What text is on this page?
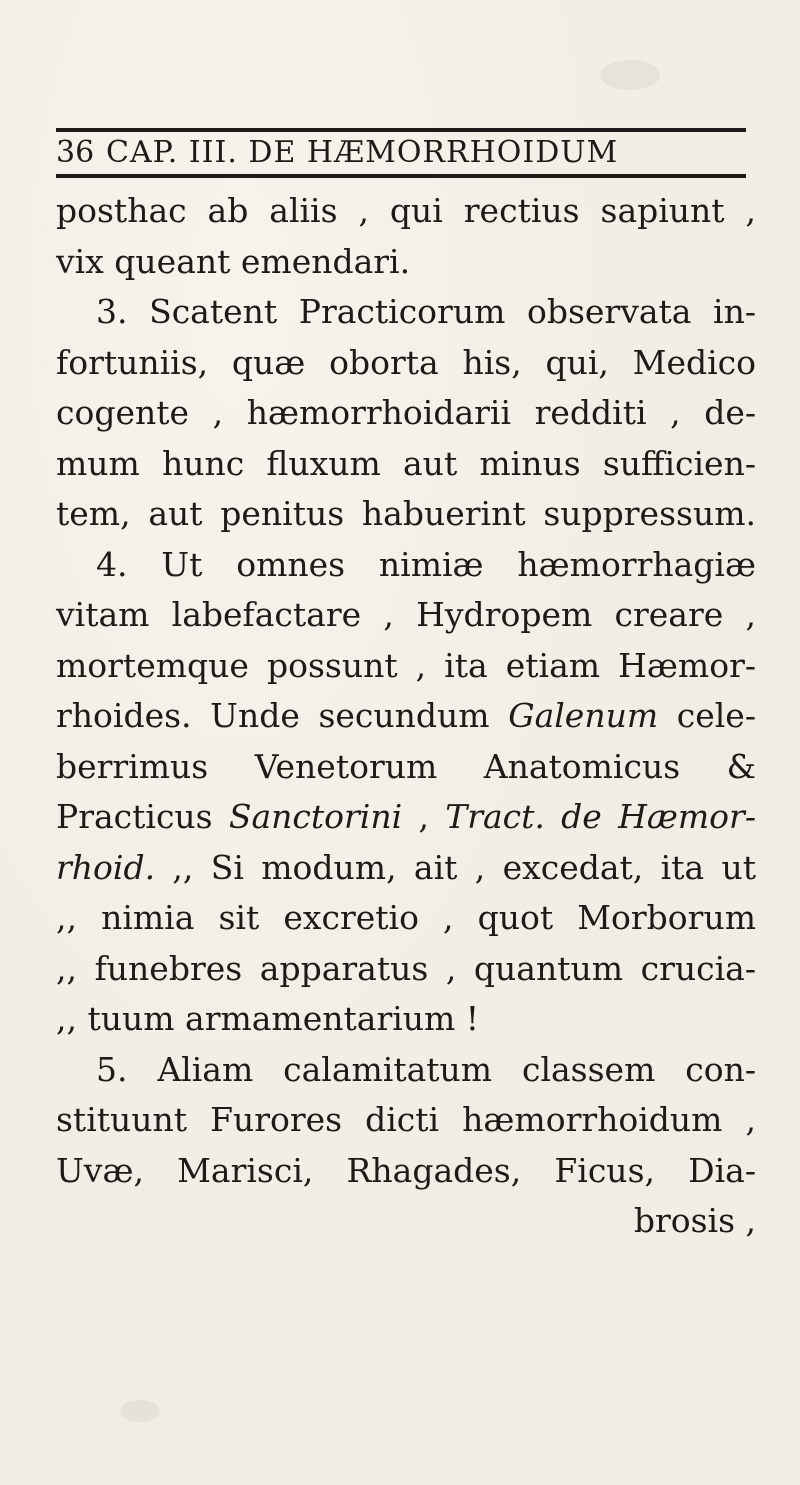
36 CAP. III. DE HÆMORRHOIDUM
posthac ab aliis , qui rectius sapiunt ,
vix queant emendari.
3. Scatent Practicorum observata in-
fortuniis, quæ oborta his, qui, Medico
cogente , hæmorrhoidarii redditi , de-
mum hunc fluxum aut minus sufficien-
tem, aut penitus habuerint suppressum.
4. Ut omnes nimiæ hæmorrhagiæ
vitam labefactare , Hydropem creare ,
mortemque possunt , ita etiam Hæmor-
rhoides. Unde secundum Galenum cele-
berrimus Venetorum Anatomicus &
Practicus Sanctorini , Tract. de Hæmor-
rhoid. ,, Si modum, ait , excedat, ita ut
,, nimia sit excretio , quot Morborum
,, funebres apparatus , quantum crucia-
,, tuum armamentarium !
5. Aliam calamitatum classem con-
stituunt Furores dicti hæmorrhoidum ,
Uvæ, Marisci, Rhagades, Ficus, Dia-
brosis ,
